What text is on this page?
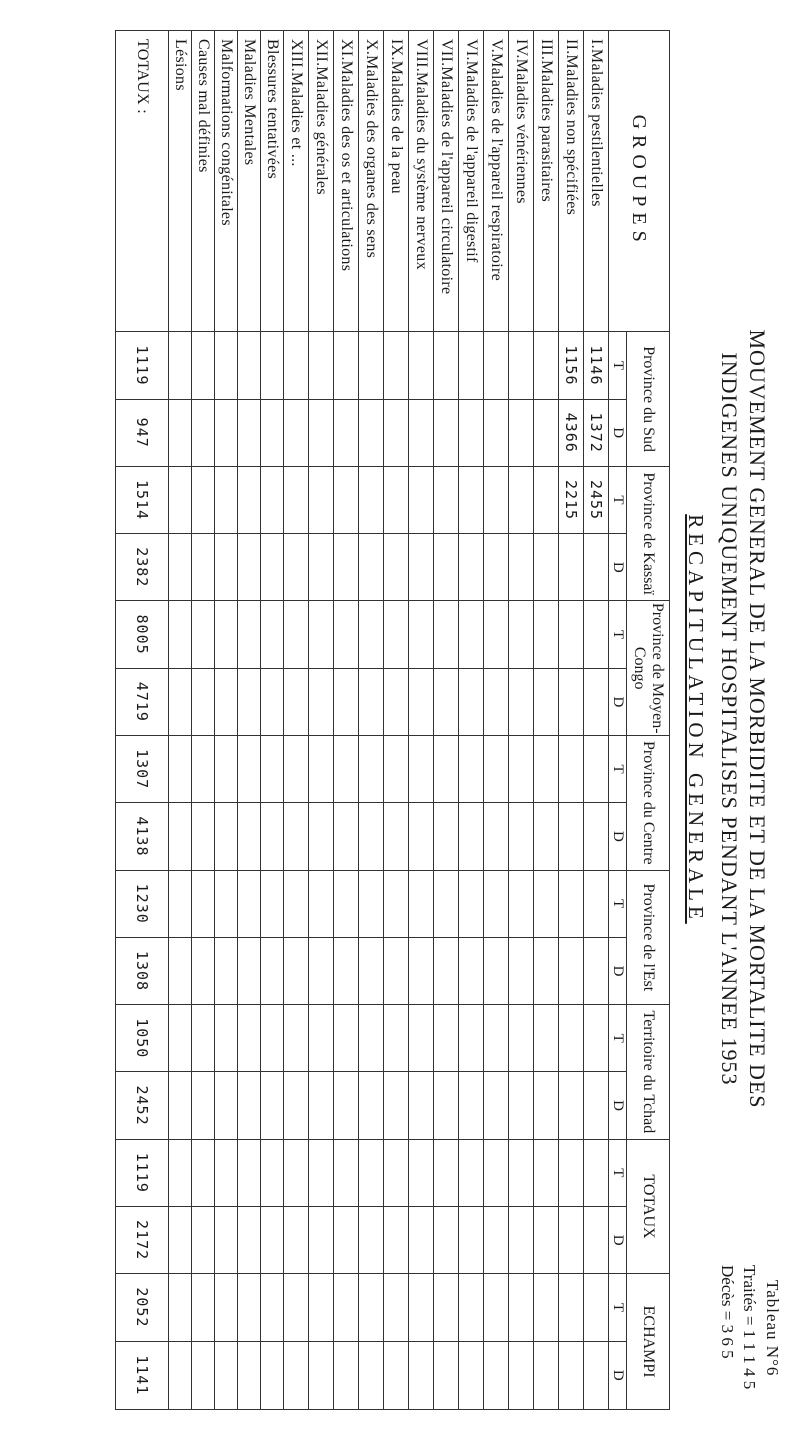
Tableau N°6
MOUVEMENT GENERAL DE LA MORBIDITE ET DE LA MORTALITE DES
INDIGENES UNIQUEMENT HOSPITALISES PENDANT L'ANNEE 1953
RECAPITULATION GENERALE
Traités = 1 1 1 4 5
Décès = 3 6 5
GROUPES	Province du Sud		Province de Kassaï		Province de Moyen-Congo		Province du Centre		Province de l'Est		Territoire du Tchad		TOTAUX		ECHAMPI	
	T	D	T	D	T	D	T	D	T	D	T	D	T	D	T	D
I.Maladies pestilentielles	1146	1372	2455													
II.Maladies non spécifiées	1156	4366	2215													
III.Maladies parasitaires																
IV.Maladies vénériennes																
V.Maladies de l'appareil respiratoire																
VI.Maladies de l'appareil digestif																
VII.Maladies de l'appareil circulatoire																
VIII.Maladies du système nerveux																
IX.Maladies de la peau																
X.Maladies des organes des sens																
XI.Maladies des os et articulations																
XII.Maladies générales																
XIII.Maladies et ...																
Blessures tentativées																
Maladies Mentales																
Malformations congénitales																
Causes mal définies																
Lésions																
TOTAUX :	1119	947	1514	2382	8005	4719	1307	4138	1230	1308	1050	2452	1119	2172	2052	1141
